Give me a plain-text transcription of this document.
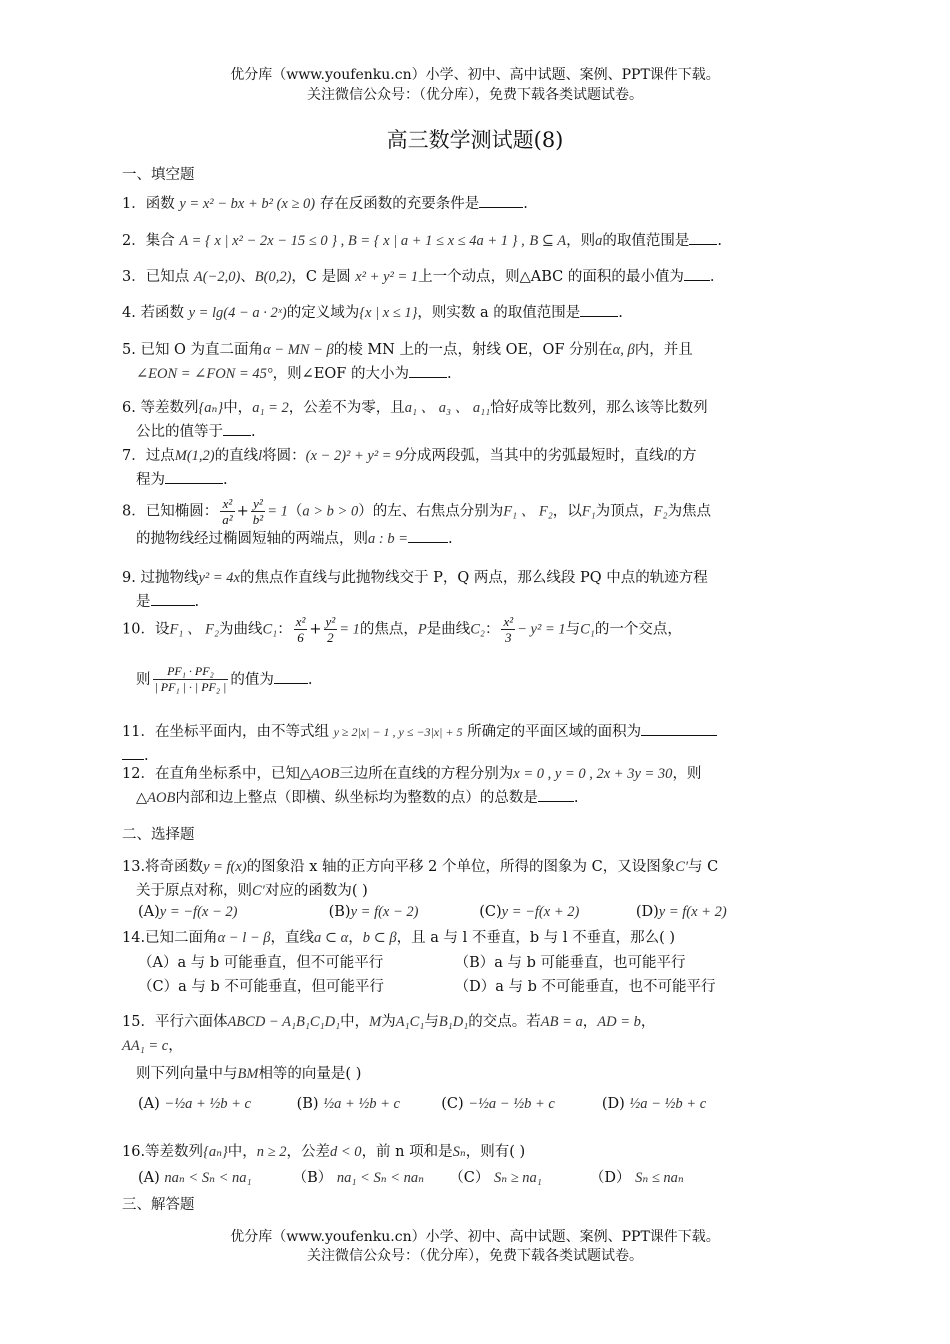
优分库（www.youfenku.cn）小学、初中、高中试题、案例、PPT课件下载。
关注微信公众号：（优分库），免费下载各类试题试卷。
高三数学测试题(8)
一、填空题
1．函数 y = x² − bx + b² (x ≥ 0) 存在反函数的充要条件是	.
2．集合 A = { x | x² − 2x − 15 ≤ 0 } , B = { x | a + 1 ≤ x ≤ 4a + 1 } , B ⊆ A，则a的取值范围是 .
3．已知点 A(−2,0)、B(0,2)，C 是圆 x² + y² = 1上一个动点，则△ABC 的面积的最小值为 .
4. 若函数 y = lg(4 − a · 2ˣ)的定义域为{x | x ≤ 1}，则实数 a 的取值范围是	.
5. 已知 O 为直二面角α − MN − β的棱 MN 上的一点，射线 OE，OF 分别在α, β内，并且
∠EON = ∠FON = 45°，则∠EOF 的大小为	.
6. 等差数列{aₙ}中，a₁ = 2，公差不为零，且a₁ 、 a₃ 、 a₁₁恰好成等比数列，那么该等比数列
公比的值等于 .
7．过点M(1,2)的直线l将圆：(x − 2)² + y² = 9分成两段弧，当其中的劣弧最短时，直线l的方
程为	.
8．已知椭圆： $\frac{\text{x²}}{\text{a²}} + \frac{\text{y²}}{\text{b²}} = 1(a > b > 0)$的左、右焦点分别为F₁ 、 F₂，以F₁为顶点，F₂为焦点
的抛物线经过椭圆短轴的两端点，则a : b =	.
9. 过抛物线y² = 4x的焦点作直线与此抛物线交于 P，Q 两点，那么线段 PQ 中点的轨迹方程
是	.
10．设F₁ 、 F₂为曲线C₁： $\frac{\text{x²}}{6} + \frac{\text{y²}}{2} = 1$的焦点，P是曲线C₂： $\frac{\text{x²}}{3} - y^2 = 1$与C₁的一个交点，
则 $\frac{\text{PF₁ · PF₂}}{\text{| PF₁ | · | PF₂ |}}$ 的值为 .
11．在坐标平面内，由不等式组 y ≥ 2|x| − 1 , y ≤ −3|x| + 5 所确定的平面区域的面积为
.
12．在直角坐标系中，已知△AOB三边所在直线的方程分别为x = 0 , y = 0 , 2x + 3y = 30，则
△AOB内部和边上整点（即横、纵坐标均为整数的点）的总数是 .
二、选择题
13.将奇函数y = f(x)的图象沿 x 轴的正方向平移 2 个单位，所得的图象为 C，又设图象C′与 C
关于原点对称，则C′对应的函数为( )
(A)y = −f(x − 2)	(B)y = f(x − 2)	(C)y = −f(x + 2)	(D)y = f(x + 2)
14.已知二面角α − l − β，直线a ⊂ α，b ⊂ β，且 a 与 l 不垂直，b 与 l 不垂直，那么( )
（A）a 与 b 可能垂直，但不可能平行	（B）a 与 b 可能垂直，也可能平行
（C）a 与 b 不可能垂直，但可能平行	（D）a 与 b 不可能垂直，也不可能平行
15．平行六面体ABCD − A₁B₁C₁D₁中，M为A₁C₁与B₁D₁的交点。若AB = a，AD = b，
AA₁ = c，
则下列向量中与BM相等的向量是( )
(A) −½a + ½b + c	(B) ½a + ½b + c	(C) −½a − ½b + c	(D) ½a − ½b + c
16.等差数列{aₙ}中，n ≥ 2，公差d < 0，前 n 项和是Sₙ，则有( )
(A) naₙ < Sₙ < na₁	（B） na₁ < Sₙ < naₙ （C） Sₙ ≥ na₁	（D） Sₙ ≤ naₙ
三、解答题
优分库（www.youfenku.cn）小学、初中、高中试题、案例、PPT课件下载。
关注微信公众号：（优分库），免费下载各类试题试卷。
